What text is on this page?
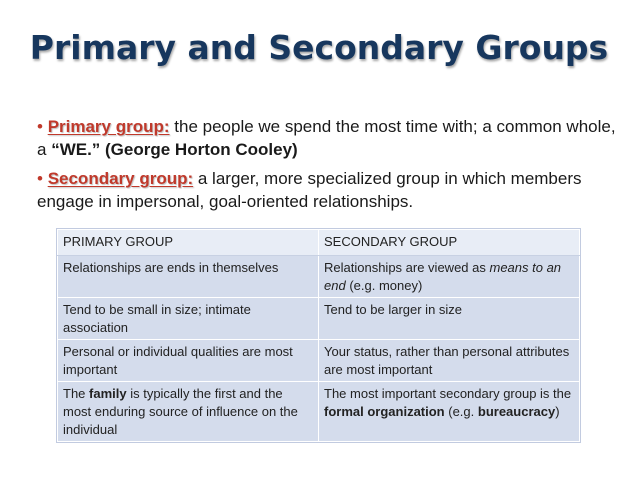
Primary and Secondary Groups
• Primary group: the people we spend the most time with; a common whole, a “WE.” (George Horton Cooley)
• Secondary group: a larger, more specialized group in which members engage in impersonal, goal-oriented relationships.
PRIMARY GROUP	SECONDARY GROUP
Relationships are ends in themselves	Relationships are viewed as means to an end (e.g. money)
Tend to be small in size; intimate association	Tend to be larger in size
Personal or individual qualities are most important	Your status, rather than personal attributes are most important
The family is typically the first and the most enduring source of influence on the individual	The most important secondary group is the formal organization (e.g. bureaucracy)
